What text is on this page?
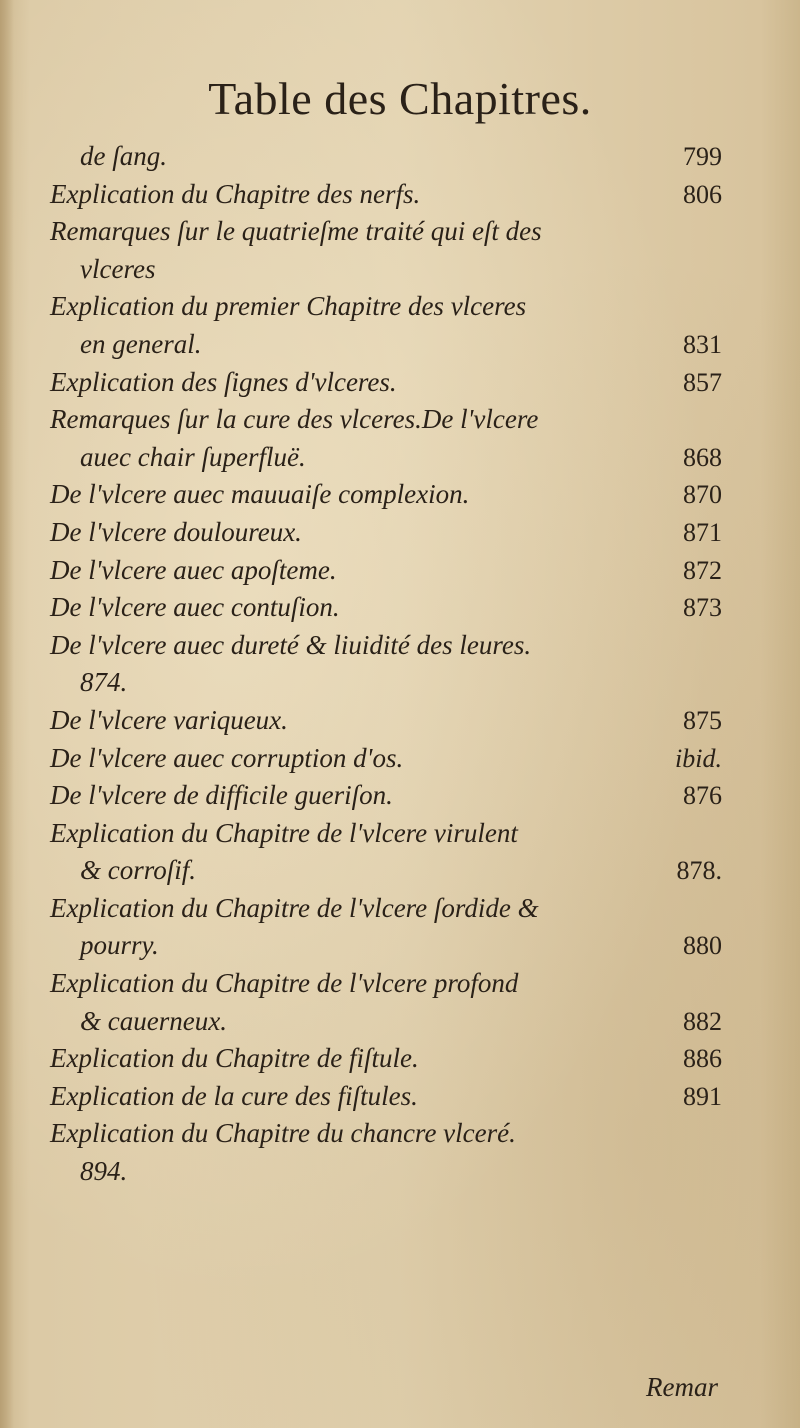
Table des Chapitres.
de ſang.	799
Explication du Chapitre des nerfs.	806
Remarques ſur le quatrieſme traité qui eſt des
vlceres
Explication du premier Chapitre des vlceres
en general.	831
Explication des ſignes d'vlceres.	857
Remarques ſur la cure des vlceres.De l'vlcere
auec chair ſuperfluë.	868
De l'vlcere auec mauuaiſe complexion.	870
De l'vlcere douloureux.	871
De l'vlcere auec apoſteme.	872
De l'vlcere auec contuſion.	873
De l'vlcere auec dureté & liuidité des leures.
874.
De l'vlcere variqueux.	875
De l'vlcere auec corruption d'os.	ibid.
De l'vlcere de difficile gueriſon.	876
Explication du Chapitre de l'vlcere virulent
& corroſif.	878.
Explication du Chapitre de l'vlcere ſordide &
pourry.	880
Explication du Chapitre de l'vlcere profond
& cauerneux.	882
Explication du Chapitre de fiſtule.	886
Explication de la cure des fiſtules.	891
Explication du Chapitre du chancre vlceré.
894.
Remar
